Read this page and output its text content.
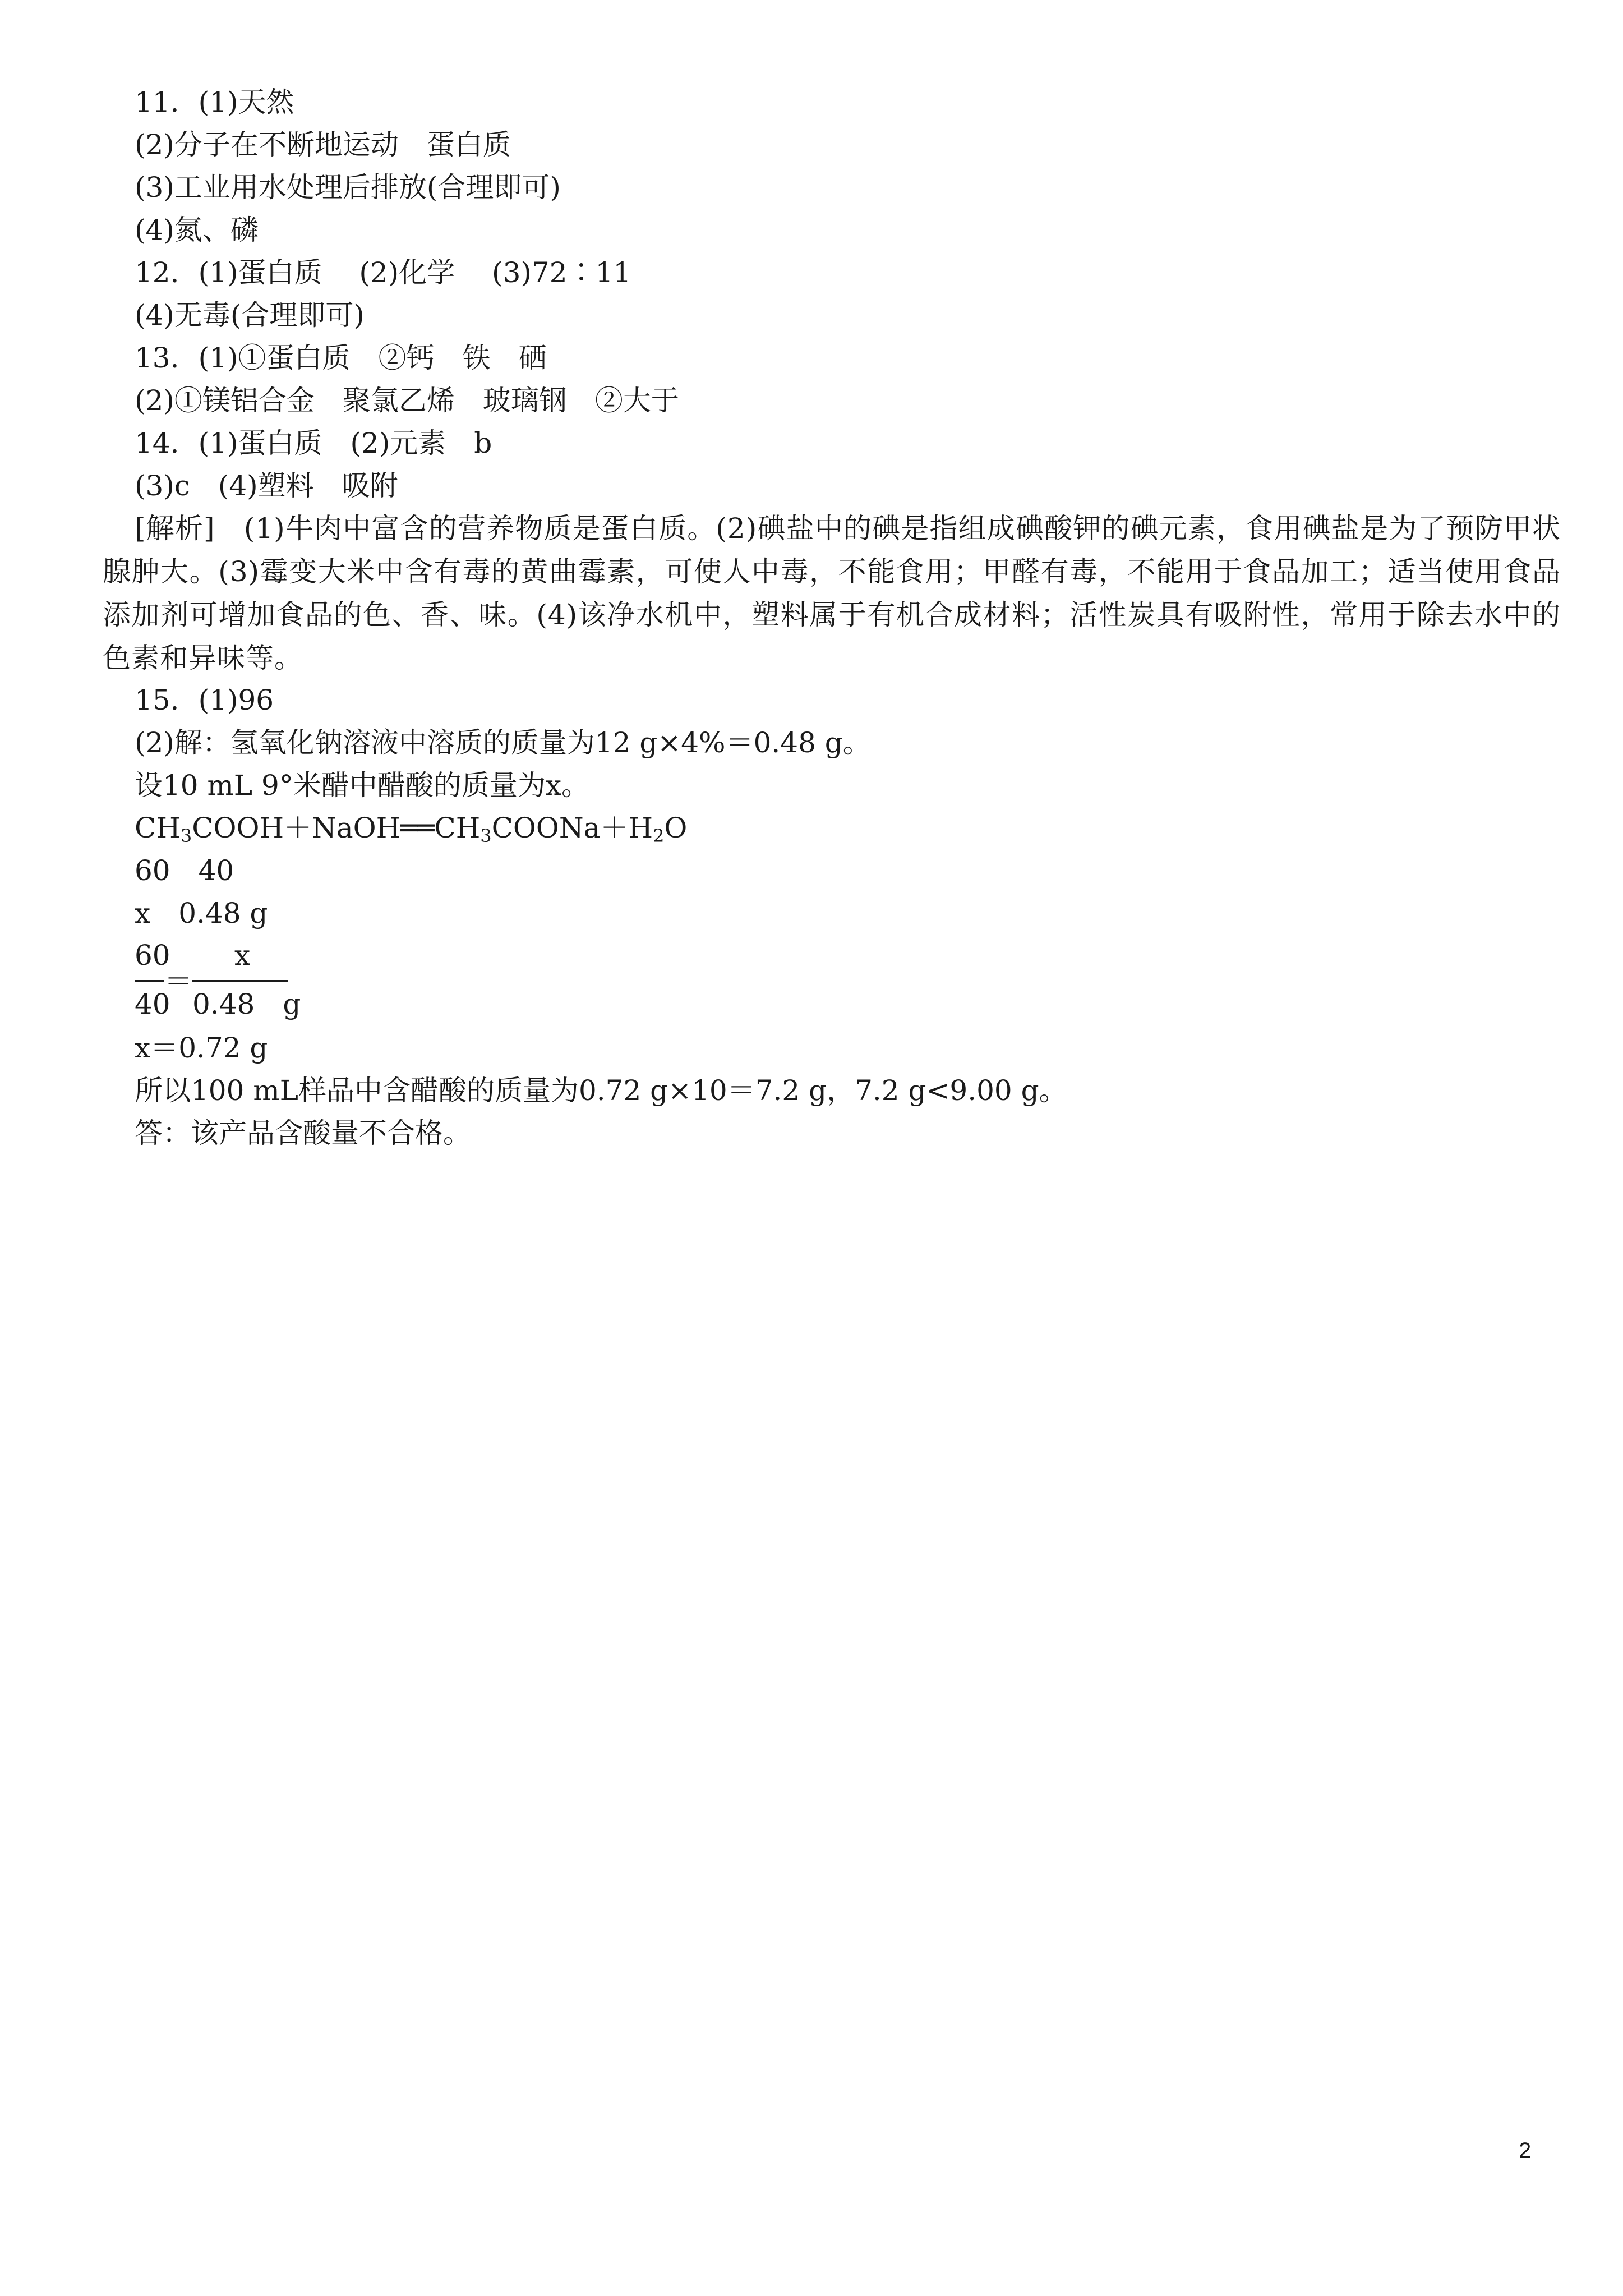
11．(1)天然
(2)分子在不断地运动　蛋白质
(3)工业用水处理后排放(合理即可)
(4)氮、磷
12．(1)蛋白质　 (2)化学　 (3)72∶11
(4)无毒(合理即可)
13．(1)①蛋白质　②钙　铁　硒
(2)①镁铝合金　聚氯乙烯　玻璃钢　②大于
14．(1)蛋白质　(2)元素　b
(3)c　(4)塑料　吸附
[解析]　(1)牛肉中富含的营养物质是蛋白质。(2)碘盐中的碘是指组成碘酸钾的碘元素，食用碘盐是为了预防甲状腺肿大。(3)霉变大米中含有毒的黄曲霉素，可使人中毒，不能食用；甲醛有毒，不能用于食品加工；适当使用食品添加剂可增加食品的色、香、味。(4)该净水机中，塑料属于有机合成材料；活性炭具有吸附性，常用于除去水中的色素和异味等。
15．(1)96
(2)解：氢氧化钠溶液中溶质的质量为12 g×4%＝0.48 g。
设10 mL 9°米醋中醋酸的质量为x。
$CH_3COOH+NaOH══CH_3COONa+H_2O$
60　40
x　0.48 g
60 x
＝
40 0.48　g
x＝0.72 g
所以100 mL样品中含醋酸的质量为0.72 g×10＝7.2 g，7.2 g<9.00 g。
答：该产品含酸量不合格。
2
